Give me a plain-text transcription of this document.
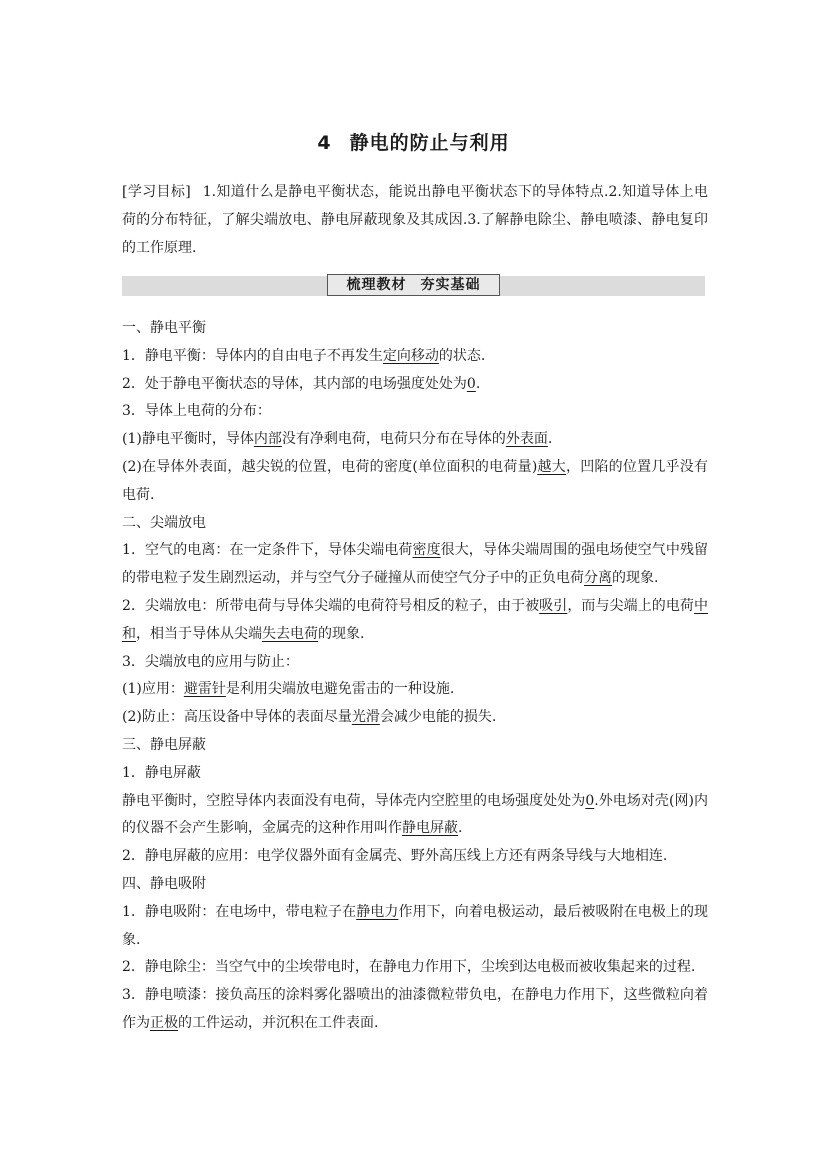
4 静电的防止与利用
[学习目标] 1.知道什么是静电平衡状态，能说出静电平衡状态下的导体特点.2.知道导体上电荷的分布特征，了解尖端放电、静电屏蔽现象及其成因.3.了解静电除尘、静电喷漆、静电复印的工作原理.
梳理教材 夯实基础

一、静电平衡

1．静电平衡：导体内的自由电子不再发生定向移动的状态.

2．处于静电平衡状态的导体，其内部的电场强度处处为0.

3．导体上电荷的分布：

(1)静电平衡时，导体内部没有净剩电荷，电荷只分布在导体的外表面.

(2)在导体外表面，越尖锐的位置，电荷的密度(单位面积的电荷量)越大，凹陷的位置几乎没有电荷.

二、尖端放电

1．空气的电离：在一定条件下，导体尖端电荷密度很大，导体尖端周围的强电场使空气中残留的带电粒子发生剧烈运动，并与空气分子碰撞从而使空气分子中的正负电荷分离的现象.

2．尖端放电：所带电荷与导体尖端的电荷符号相反的粒子，由于被吸引，而与尖端上的电荷中和，相当于导体从尖端失去电荷的现象.

3．尖端放电的应用与防止：

(1)应用：避雷针是利用尖端放电避免雷击的一种设施.

(2)防止：高压设备中导体的表面尽量光滑会减少电能的损失.

三、静电屏蔽

1．静电屏蔽

静电平衡时，空腔导体内表面没有电荷，导体壳内空腔里的电场强度处处为0.外电场对壳(网)内的仪器不会产生影响，金属壳的这种作用叫作静电屏蔽.

2．静电屏蔽的应用：电学仪器外面有金属壳、野外高压线上方还有两条导线与大地相连.

四、静电吸附

1．静电吸附：在电场中，带电粒子在静电力作用下，向着电极运动，最后被吸附在电极上的现象.

2．静电除尘：当空气中的尘埃带电时，在静电力作用下，尘埃到达电极而被收集起来的过程.

3．静电喷漆：接负高压的涂料雾化器喷出的油漆微粒带负电，在静电力作用下，这些微粒向着作为正极的工件运动，并沉积在工件表面.
